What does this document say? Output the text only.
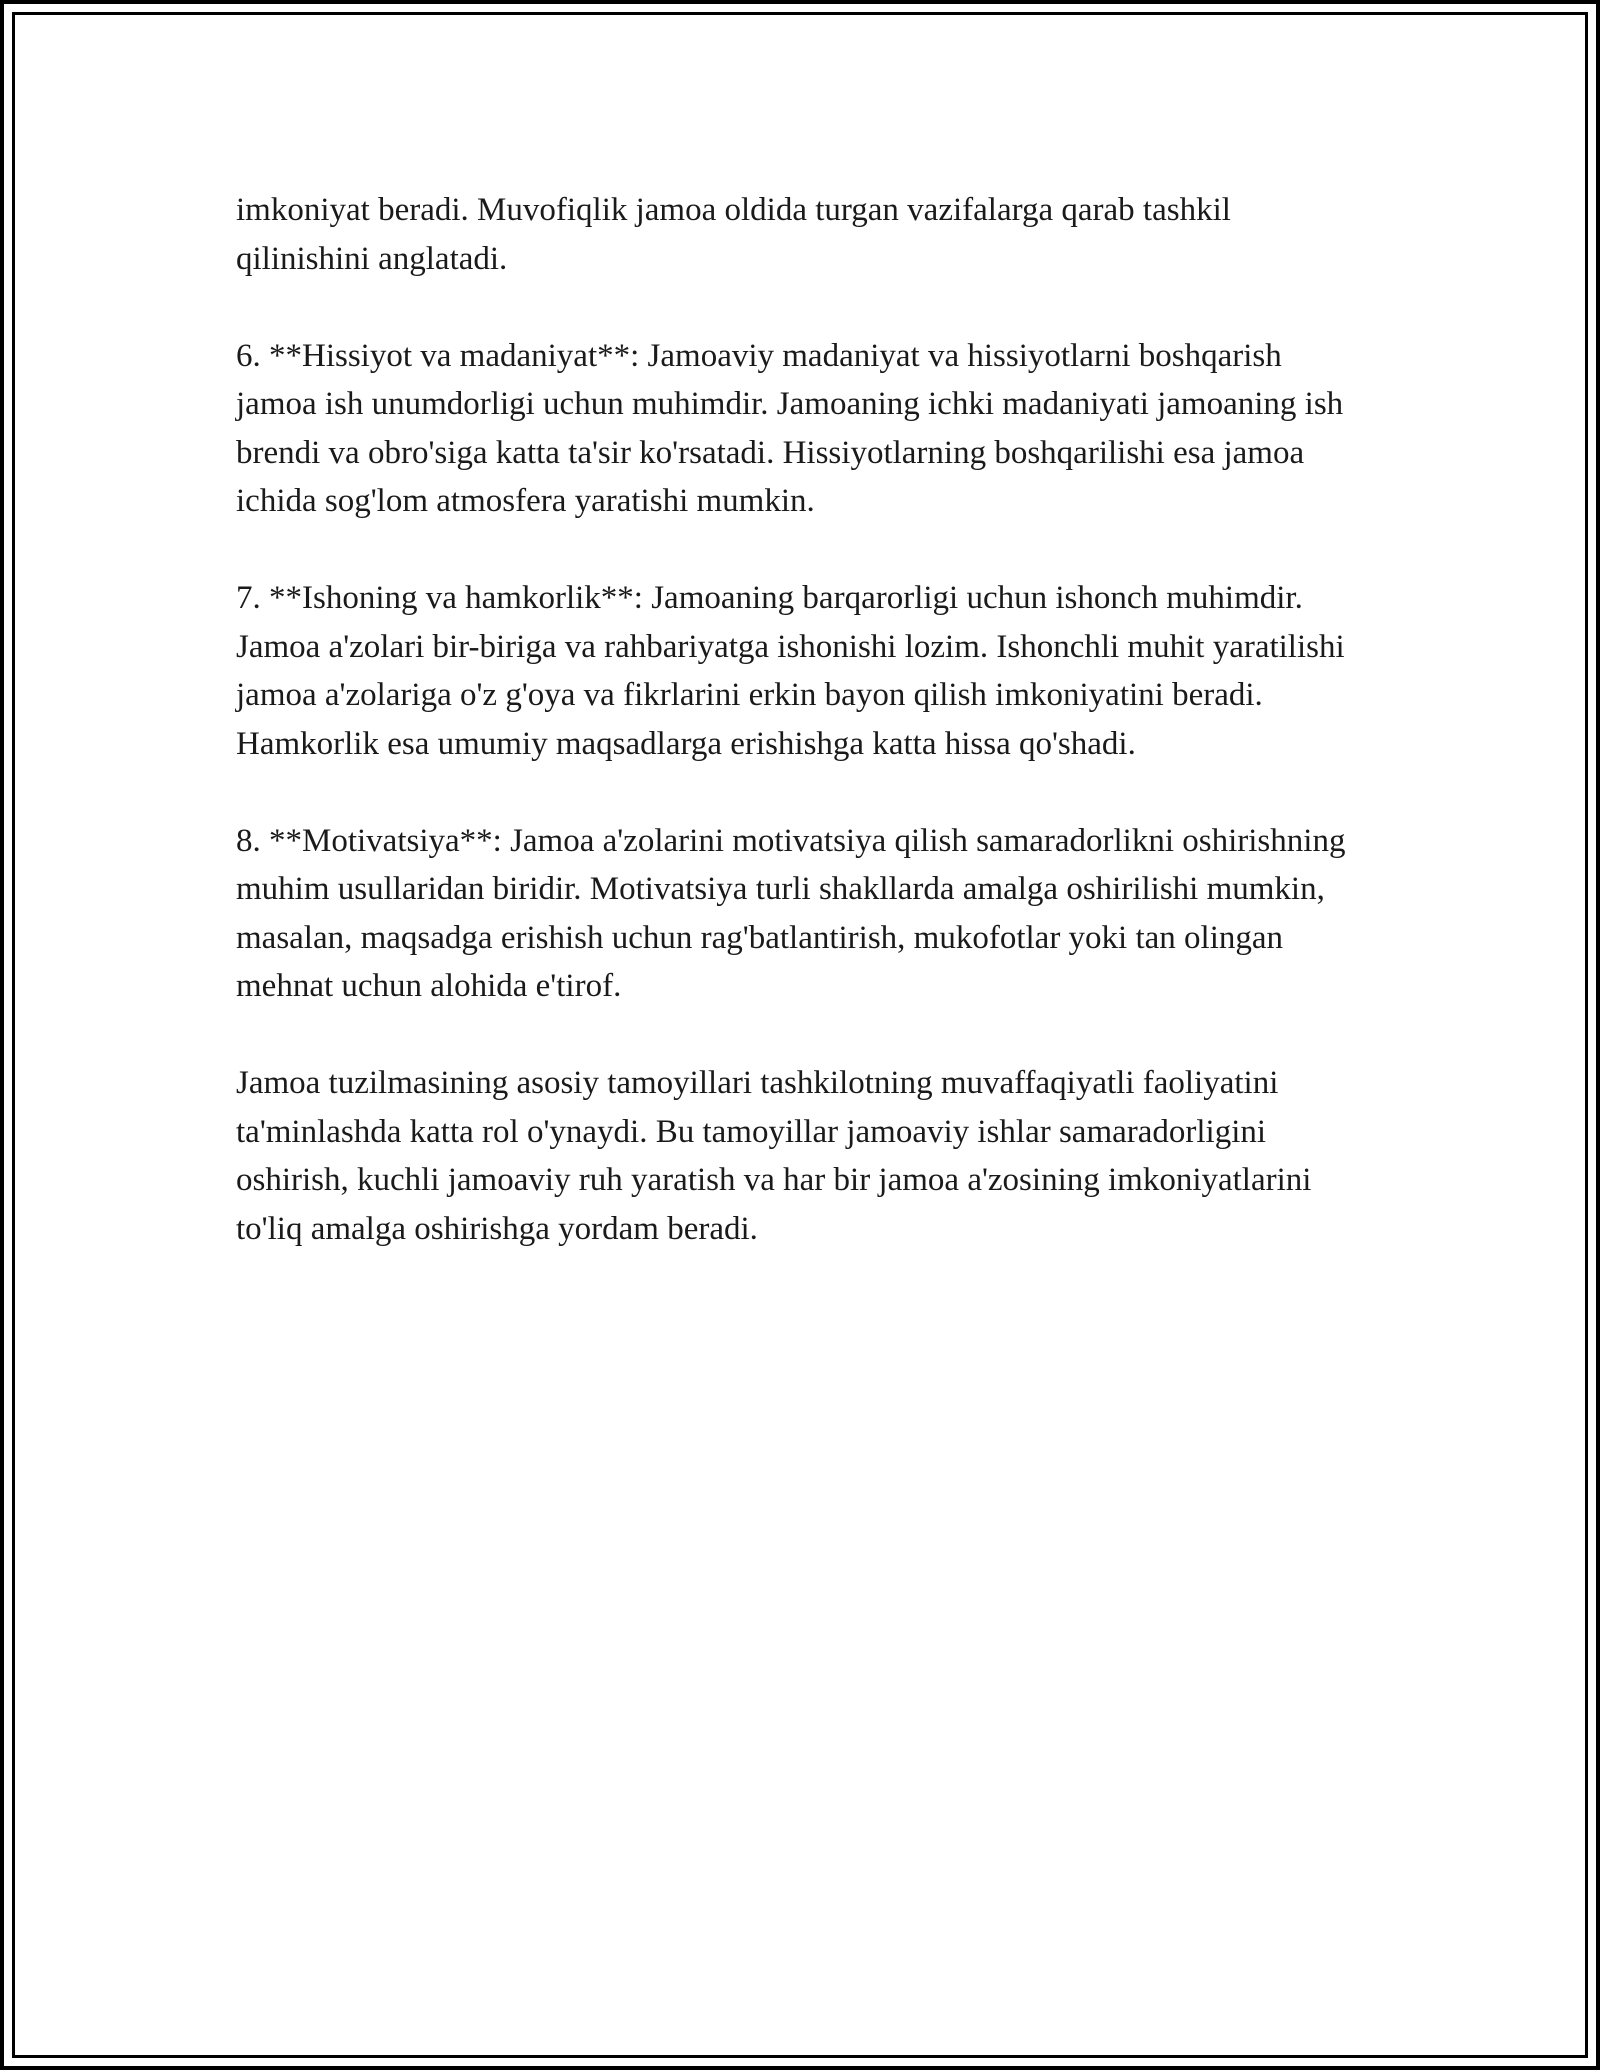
imkoniyat beradi. Muvofiqlik jamoa oldida turgan vazifalarga qarab tashkil qilinishini anglatadi.

6. **Hissiyot va madaniyat**: Jamoaviy madaniyat va hissiyotlarni boshqarish jamoa ish unumdorligi uchun muhimdir. Jamoaning ichki madaniyati jamoaning ish brendi va obro'siga katta ta'sir ko'rsatadi. Hissiyotlarning boshqarilishi esa jamoa ichida sog'lom atmosfera yaratishi mumkin.

7. **Ishoning va hamkorlik**: Jamoaning barqarorligi uchun ishonch muhimdir. Jamoa a'zolari bir-biriga va rahbariyatga ishonishi lozim. Ishonchli muhit yaratilishi jamoa a'zolariga o'z g'oya va fikrlarini erkin bayon qilish imkoniyatini beradi. Hamkorlik esa umumiy maqsadlarga erishishga katta hissa qo'shadi.

8. **Motivatsiya**: Jamoa a'zolarini motivatsiya qilish samaradorlikni oshirishning muhim usullaridan biridir. Motivatsiya turli shakllarda amalga oshirilishi mumkin, masalan, maqsadga erishish uchun rag'batlantirish, mukofotlar yoki tan olingan mehnat uchun alohida e'tirof.

Jamoa tuzilmasining asosiy tamoyillari tashkilotning muvaffaqiyatli faoliyatini ta'minlashda katta rol o'ynaydi. Bu tamoyillar jamoaviy ishlar samaradorligini oshirish, kuchli jamoaviy ruh yaratish va har bir jamoa a'zosining imkoniyatlarini to'liq amalga oshirishga yordam beradi.
